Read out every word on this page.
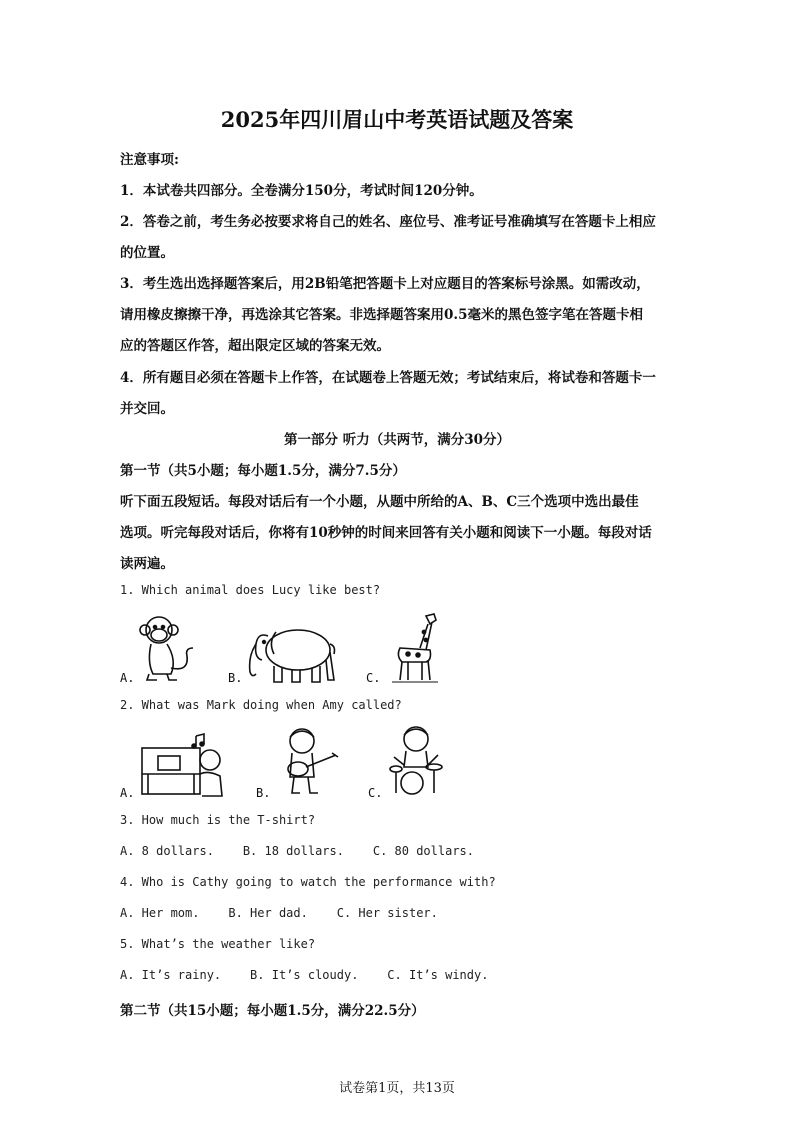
2025年四川眉山中考英语试题及答案
注意事项:
1．本试卷共四部分。全卷满分150分，考试时间120分钟。
2．答卷之前，考生务必按要求将自己的姓名、座位号、准考证号准确填写在答题卡上相应
的位置。
3．考生选出选择题答案后，用2B铅笔把答题卡上对应题目的答案标号涂黑。如需改动，
请用橡皮擦擦干净，再选涂其它答案。非选择题答案用0.5毫米的黑色签字笔在答题卡相
应的答题区作答，超出限定区域的答案无效。
4．所有题目必须在答题卡上作答，在试题卷上答题无效；考试结束后，将试卷和答题卡一
并交回。
第一部分 听力（共两节，满分30分）
第一节（共5小题；每小题1.5分，满分7.5分）
听下面五段短话。每段对话后有一个小题，从题中所给的A、B、C三个选项中选出最佳
选项。听完每段对话后，你将有10秒钟的时间来回答有关小题和阅读下一小题。每段对话
读两遍。
1. Which animal does Lucy like best?
A.	B.	C.
2. What was Mark doing when Amy called?
A.	B.	C.
3. How much is the T-shirt?
A. 8 dollars.    B. 18 dollars.    C. 80 dollars.
4. Who is Cathy going to watch the performance with?
A. Her mom.    B. Her dad.    C. Her sister.
5. What’s the weather like?
A. It’s rainy.    B. It’s cloudy.    C. It’s windy.
第二节（共15小题；每小题1.5分，满分22.5分）
试卷第1页，共13页
